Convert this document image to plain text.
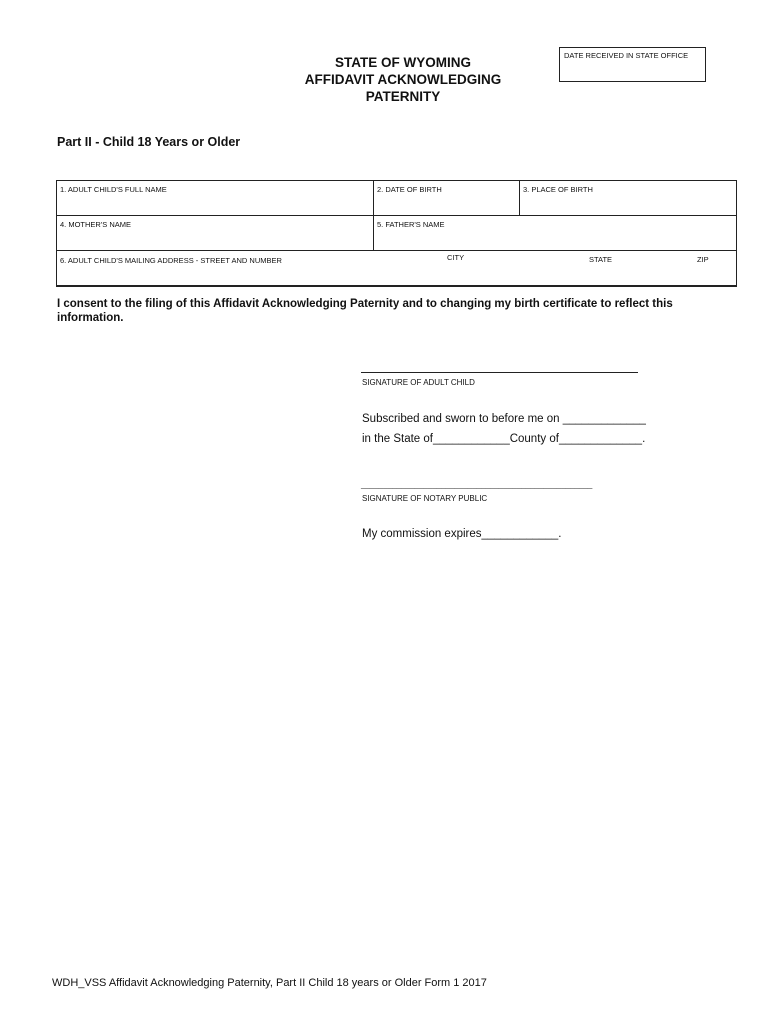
STATE OF WYOMING
AFFIDAVIT ACKNOWLEDGING
PATERNITY
DATE RECEIVED IN STATE OFFICE
Part II - Child 18 Years or Older
1. ADULT CHILD'S FULL NAME	2. DATE OF BIRTH	3. PLACE OF BIRTH

4. MOTHER'S NAME	5. FATHER'S NAME	

6. ADULT CHILD'S MAILING ADDRESS - STREET AND NUMBER CITY STATE ZIP		
I consent to the filing of this Affidavit Acknowledging Paternity and to changing my birth certificate to reflect this information.
SIGNATURE OF ADULT CHILD
Subscribed and sworn to before me on _____________
in the State of____________County of_____________.
____________________________________________________
SIGNATURE OF NOTARY PUBLIC
My commission expires____________.
WDH_VSS Affidavit Acknowledging Paternity, Part II Child 18 years or Older Form 1 2017
